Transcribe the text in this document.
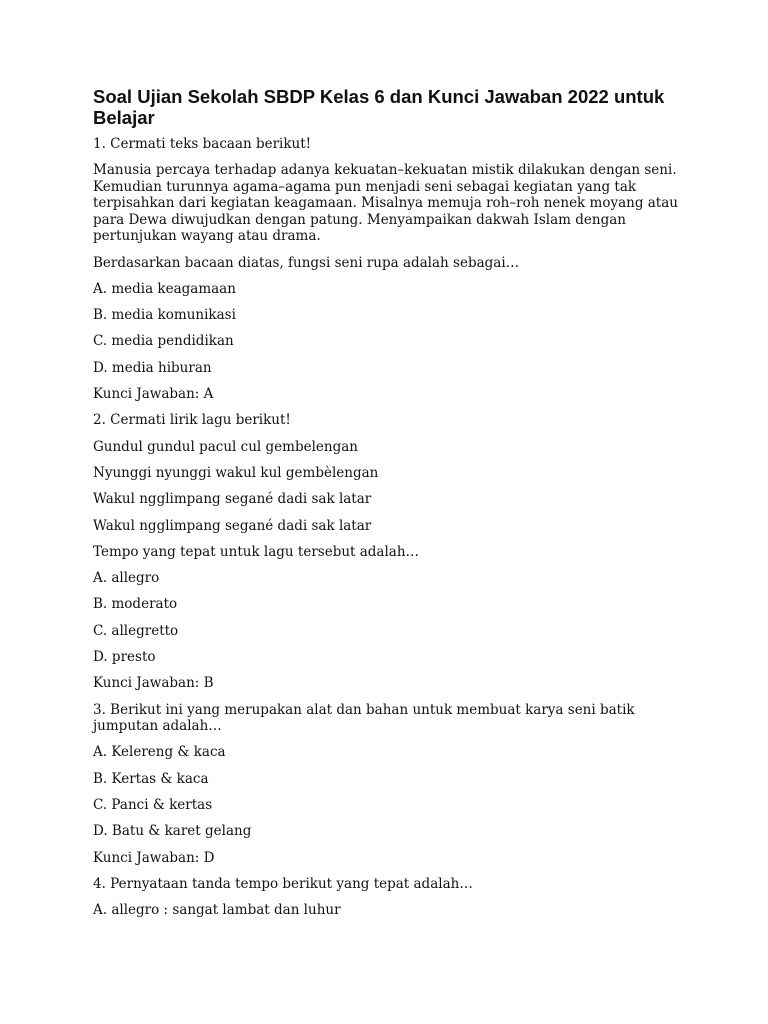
Soal Ujian Sekolah SBDP Kelas 6 dan Kunci Jawaban 2022 untuk Belajar

1. Cermati teks bacaan berikut!

Manusia percaya terhadap adanya kekuatan–kekuatan mistik dilakukan dengan seni. Kemudian turunnya agama–agama pun menjadi seni sebagai kegiatan yang tak terpisahkan dari kegiatan keagamaan. Misalnya memuja roh–roh nenek moyang atau para Dewa diwujudkan dengan patung. Menyampaikan dakwah Islam dengan pertunjukan wayang atau drama.

Berdasarkan bacaan diatas, fungsi seni rupa adalah sebagai…

A. media keagamaan

B. media komunikasi

C. media pendidikan

D. media hiburan

Kunci Jawaban: A

2. Cermati lirik lagu berikut!

Gundul gundul pacul cul gembelengan

Nyunggi nyunggi wakul kul gembèlengan

Wakul ngglimpang segané dadi sak latar

Wakul ngglimpang segané dadi sak latar

Tempo yang tepat untuk lagu tersebut adalah…

A. allegro

B. moderato

C. allegretto

D. presto

Kunci Jawaban: B

3. Berikut ini yang merupakan alat dan bahan untuk membuat karya seni batik jumputan adalah…

A. Kelereng & kaca

B. Kertas & kaca

C. Panci & kertas

D. Batu & karet gelang

Kunci Jawaban: D

4. Pernyataan tanda tempo berikut yang tepat adalah…

A. allegro : sangat lambat dan luhur
